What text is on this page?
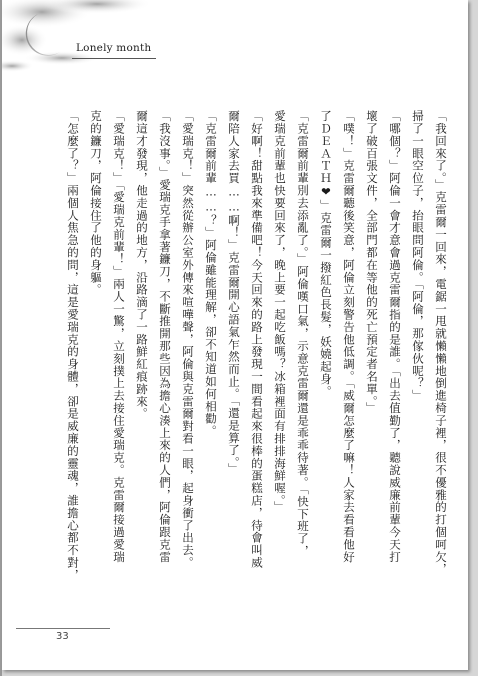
Lonely month
「我回來了。」克雷爾一回來，電鋸一甩就懶懶地倒進椅子裡，很不優雅的打個呵欠，
掃了一眼空位子，抬眼問阿倫。「阿倫，那傢伙呢？」
「哪個？」阿倫一會才意會過克雷爾指的是誰。「出去值勤了，聽說威廉前輩今天打
壞了破百張文件，全部門都在等他的死亡預定者名單。」
「噗！」克雷爾聽後笑意，阿倫立刻警告他低調。「威爾怎麼了嘛！人家去看看他好
了ＤＥＡＴＨ❤」克雷爾一撥紅色長髮，妖嬈起身。
「克雷爾前輩別去添亂了。」阿倫嘆口氣，示意克雷爾還是乖乖待著。「快下班了，
愛瑞克前輩也快要回來了，晚上要一起吃飯嗎？冰箱裡面有排排海鮮喔。」
「好啊！甜點我來準備吧！今天回來的路上發現一間看起來很棒的蛋糕店，待會叫威
爾陪人家去買……啊！」克雷爾開心語氣乍然而止。「還是算了。」
「克雷爾前輩……？」阿倫雖能理解，卻不知道如何相勸。
「愛瑞克！」突然從辦公室外傳來喧嘩聲，阿倫與克雷爾對看一眼，起身衝了出去。
「我沒事。」愛瑞克手拿著鐮刀，不斷推開那些因為擔心湊上來的人們，阿倫跟克雷
爾這才發現，他走過的地方，沿路滴了一路鮮紅痕跡來。
「愛瑞克！」「愛瑞克前輩！」兩人一驚，立刻撲上去接住愛瑞克。克雷爾接過愛瑞
克的鐮刀，阿倫接住了他的身軀。
「怎麼了？」兩個人焦急的問，這是愛瑞克的身體，卻是威廉的靈魂，誰擔心都不對，
33
